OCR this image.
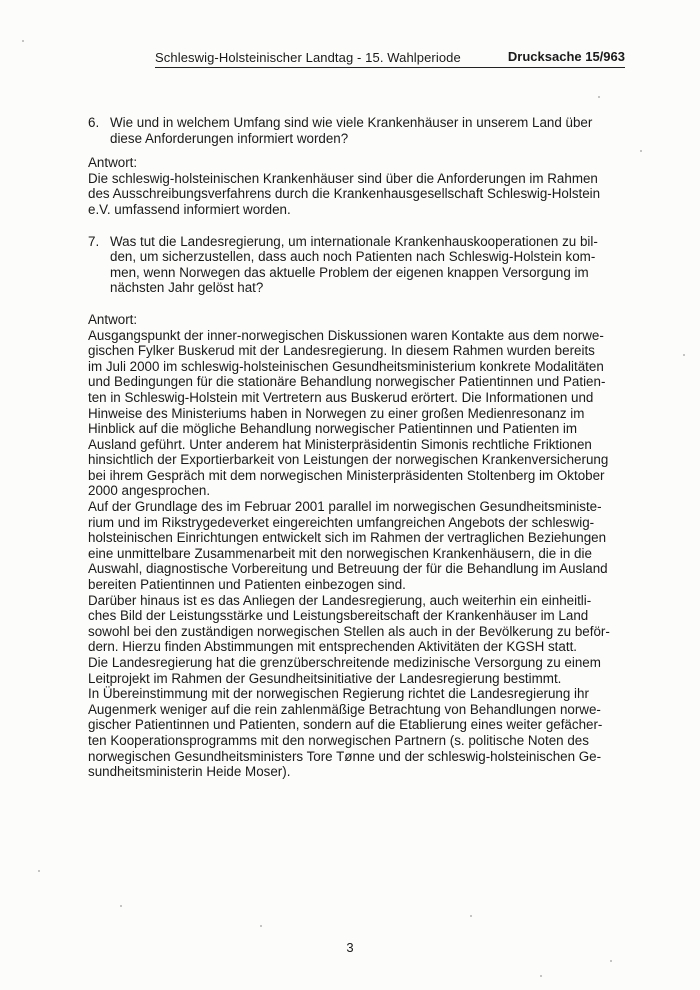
Schleswig-Holsteinischer Landtag - 15. Wahlperiode	Drucksache 15/963
6. Wie und in welchem Umfang sind wie viele Krankenhäuser in unserem Land über
diese Anforderungen informiert worden?
Antwort:
Die schleswig-holsteinischen Krankenhäuser sind über die Anforderungen im Rahmen
des Ausschreibungsverfahrens durch die Krankenhausgesellschaft Schleswig-Holstein
e.V. umfassend informiert worden.
7. Was tut die Landesregierung, um internationale Krankenhauskooperationen zu bil-
den, um sicherzustellen, dass auch noch Patienten nach Schleswig-Holstein kom-
men, wenn Norwegen das aktuelle Problem der eigenen knappen Versorgung im
nächsten Jahr gelöst hat?
Antwort:
Ausgangspunkt der inner-norwegischen Diskussionen waren Kontakte aus dem norwe-
gischen Fylker Buskerud mit der Landesregierung. In diesem Rahmen wurden bereits
im Juli 2000 im schleswig-holsteinischen Gesundheitsministerium konkrete Modalitäten
und Bedingungen für die stationäre Behandlung norwegischer Patientinnen und Patien-
ten in Schleswig-Holstein mit Vertretern aus Buskerud erörtert. Die Informationen und
Hinweise des Ministeriums haben in Norwegen zu einer großen Medienresonanz im
Hinblick auf die mögliche Behandlung norwegischer Patientinnen und Patienten im
Ausland geführt. Unter anderem hat Ministerpräsidentin Simonis rechtliche Friktionen
hinsichtlich der Exportierbarkeit von Leistungen der norwegischen Krankenversicherung
bei ihrem Gespräch mit dem norwegischen Ministerpräsidenten Stoltenberg im Oktober
2000 angesprochen.
Auf der Grundlage des im Februar 2001 parallel im norwegischen Gesundheitsministe-
rium und im Rikstrygedeverket eingereichten umfangreichen Angebots der schleswig-
holsteinischen Einrichtungen entwickelt sich im Rahmen der vertraglichen Beziehungen
eine unmittelbare Zusammenarbeit mit den norwegischen Krankenhäusern, die in die
Auswahl, diagnostische Vorbereitung und Betreuung der für die Behandlung im Ausland
bereiten Patientinnen und Patienten einbezogen sind.
Darüber hinaus ist es das Anliegen der Landesregierung, auch weiterhin ein einheitli-
ches Bild der Leistungsstärke und Leistungsbereitschaft der Krankenhäuser im Land
sowohl bei den zuständigen norwegischen Stellen als auch in der Bevölkerung zu beför-
dern. Hierzu finden Abstimmungen mit entsprechenden Aktivitäten der KGSH statt.
Die Landesregierung hat die grenzüberschreitende medizinische Versorgung zu einem
Leitprojekt im Rahmen der Gesundheitsinitiative der Landesregierung bestimmt.
In Übereinstimmung mit der norwegischen Regierung richtet die Landesregierung ihr
Augenmerk weniger auf die rein zahlenmäßige Betrachtung von Behandlungen norwe-
gischer Patientinnen und Patienten, sondern auf die Etablierung eines weiter gefächer-
ten Kooperationsprogramms mit den norwegischen Partnern (s. politische Noten des
norwegischen Gesundheitsministers Tore Tønne und der schleswig-holsteinischen Ge-
sundheitsministerin Heide Moser).
3
